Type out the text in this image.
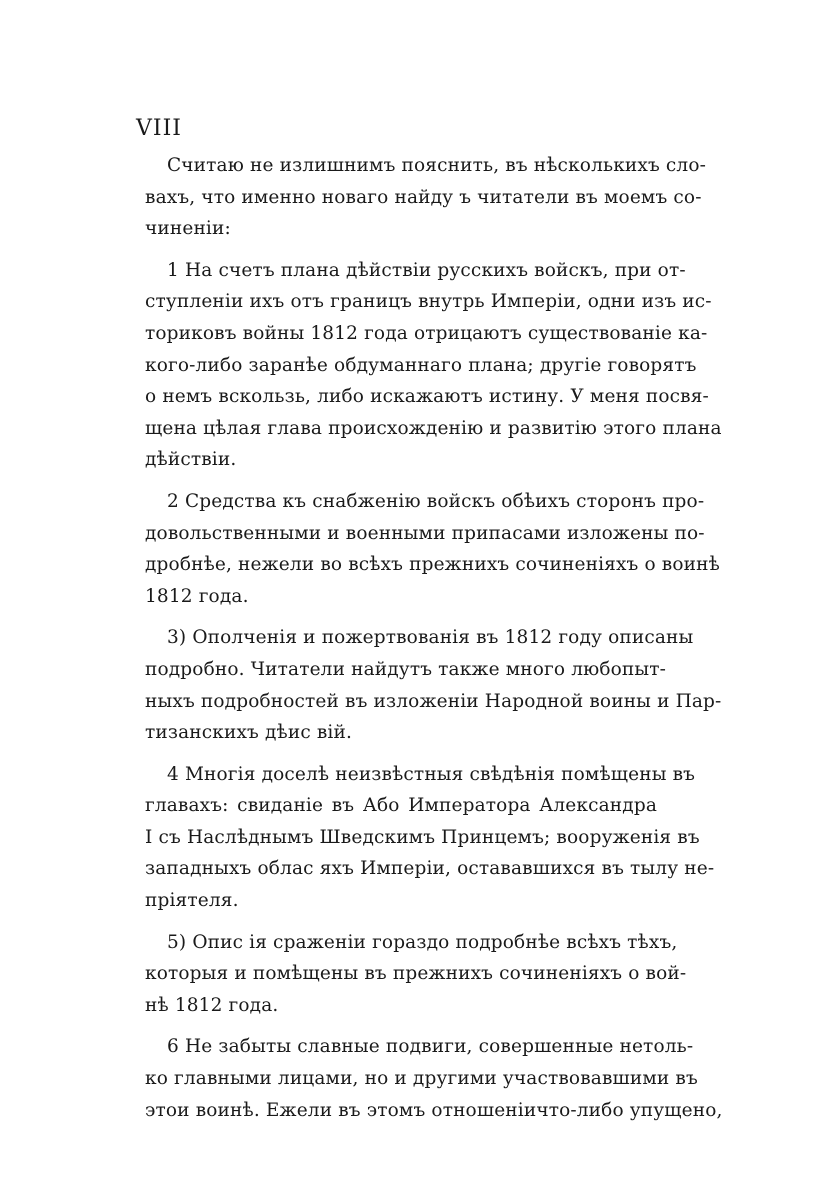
VIII
Считаю не излишнимъ пояснить, въ нѣсколькихъ сло-
вахъ, что именно новаго найду ъ читатели въ моемъ со-
чиненіи:
1 На счетъ плана дѣйствіи русскихъ войскъ, при от-
ступленіи ихъ отъ границъ внутрь Имперіи, одни изъ ис-
ториковъ войны 1812 года отрицаютъ существованіе ка-
кого-либо заранѣе обдуманнаго плана; другіе говорятъ
о немъ вскользь, либо искажаютъ истину. У меня посвя-
щена цѣлая глава происхожденію и развитію этого плана
дѣйствіи.
2 Средства къ снабженію войскъ обѣихъ сторонъ про-
довольственными и военными припасами изложены по-
дробнѣе, нежели во всѣхъ прежнихъ сочиненіяхъ о воинѣ
1812 года.
3) Ополченія и пожертвованія въ 1812 году описаны
подробно. Читатели найдутъ также много любопыт-
ныхъ подробностей въ изложеніи Народной воины и Пар-
тизанскихъ дѣис вій.
4 Многія доселѣ неизвѣстныя свѣдѣнія помѣщены въ
главахъ: свиданіе въ Або Императора Александра
I съ Наслѣднымъ Шведскимъ Принцемъ; вооруженія въ
западныхъ облас яхъ Имперіи, остававшихся въ тылу не-
пріятеля.
5) Опис ія сраженіи гораздо подробнѣе всѣхъ тѣхъ,
которыя и помѣщены въ прежнихъ сочиненіяхъ о вой-
нѣ 1812 года.
6 Не забыты славные подвиги, совершенные нетоль-
ко главными лицами, но и другими участвовавшими въ
этои воинѣ. Ежели въ этомъ отношенiичто-либо упущено,
